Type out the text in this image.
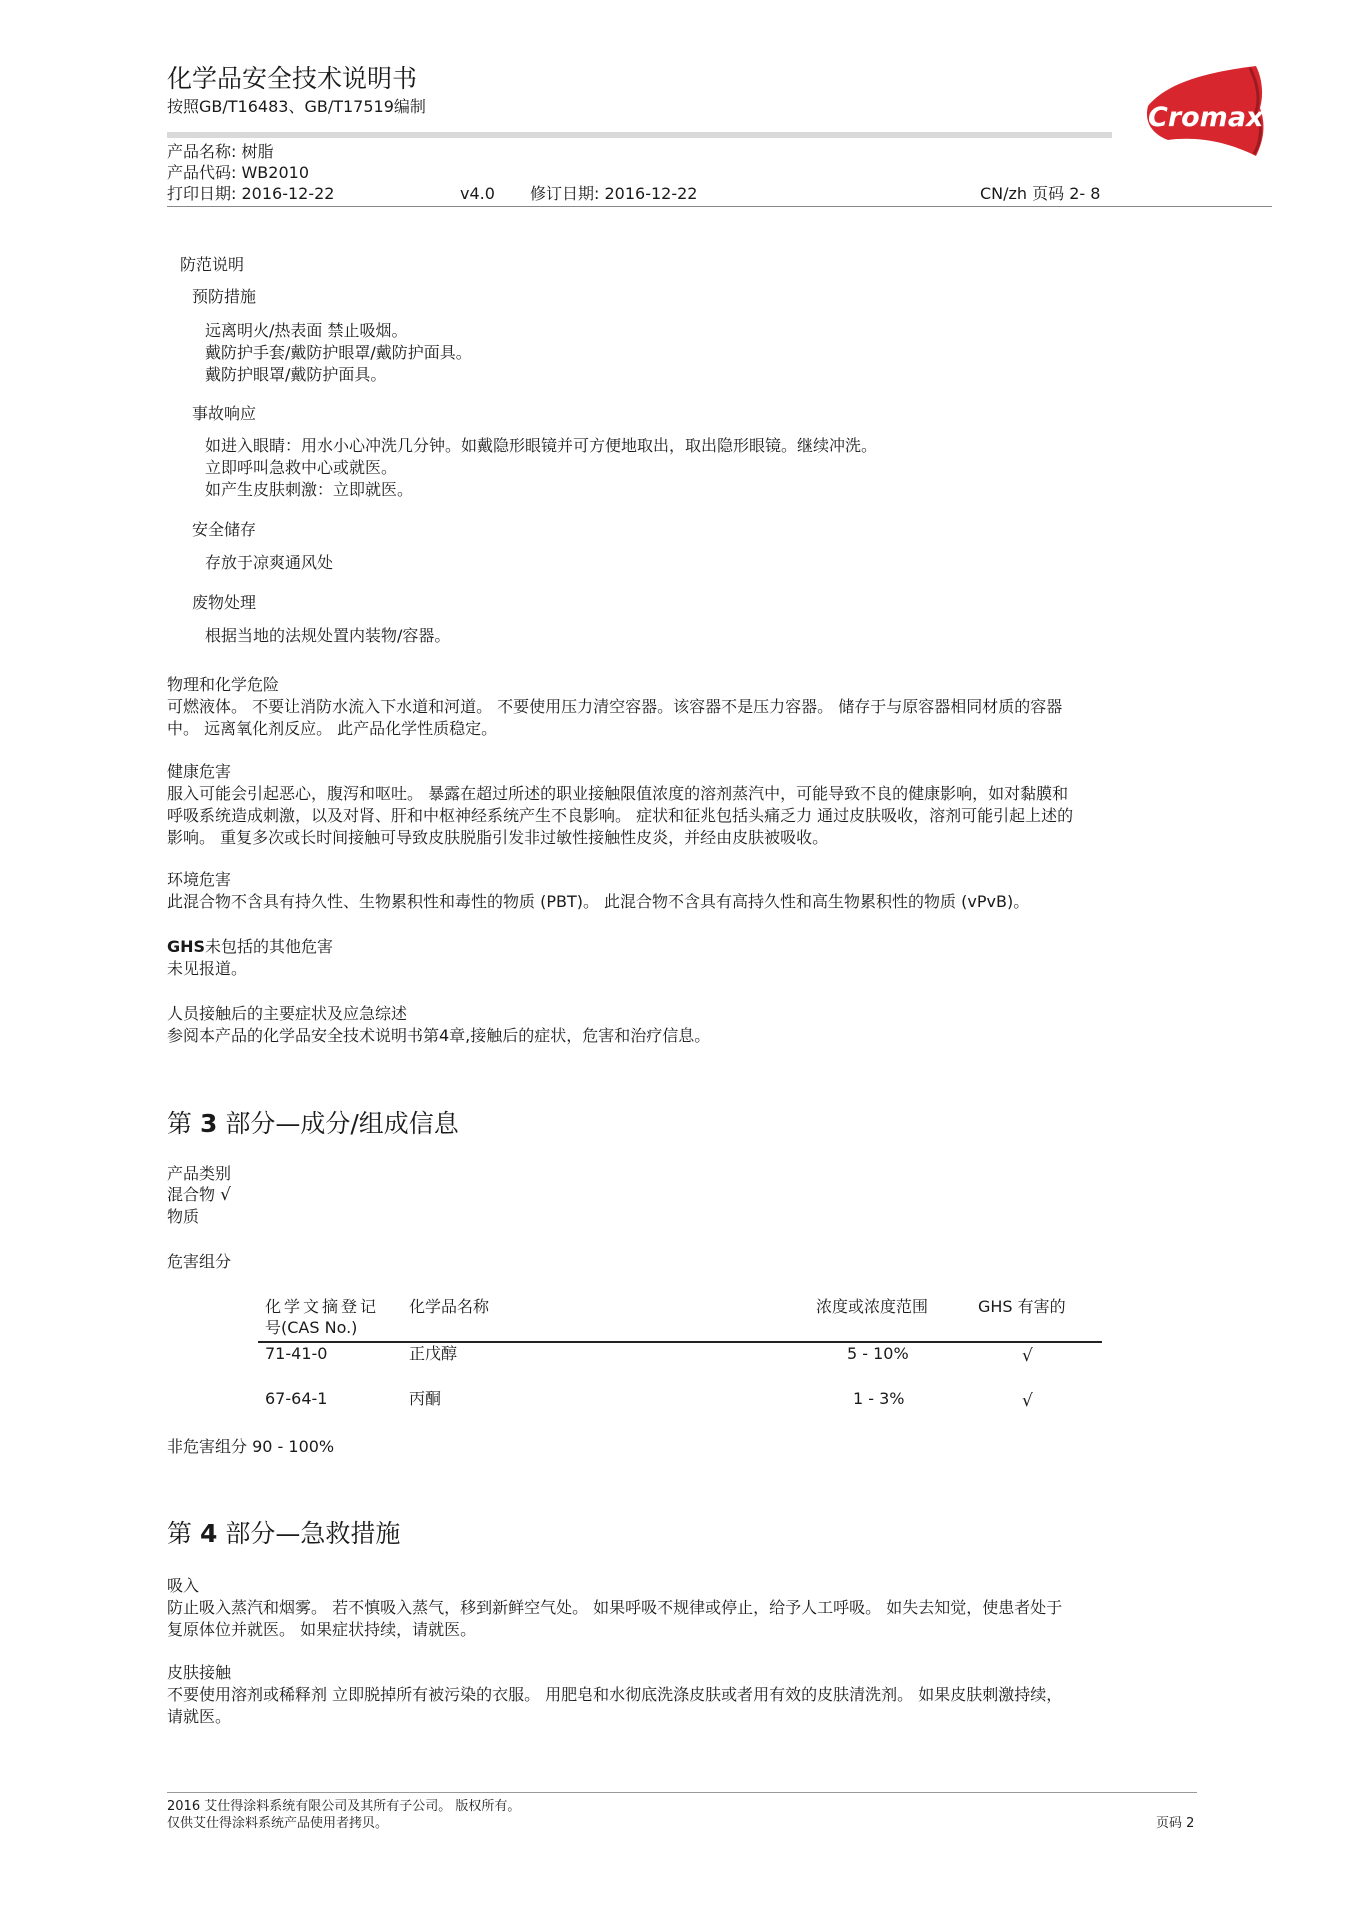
化学品安全技术说明书
按照GB/T16483、GB/T17519编制	Cromax
产品名称: 树脂
产品代码: WB2010
打印日期: 2016-12-22	v4.0 修订日期: 2016-12-22	CN/zh 页码 2- 8
防范说明
预防措施

远离明火/热表面 禁止吸烟。

戴防护手套/戴防护眼罩/戴防护面具。

戴防护眼罩/戴防护面具。

事故响应

如进入眼睛：用水小心冲洗几分钟。如戴隐形眼镜并可方便地取出，取出隐形眼镜。继续冲洗。

立即呼叫急救中心或就医。

如产生皮肤刺激：立即就医。

安全储存

存放于凉爽通风处

废物处理

根据当地的法规处置内装物/容器。

物理和化学危险

可燃液体。 不要让消防水流入下水道和河道。 不要使用压力清空容器。该容器不是压力容器。 储存于与原容器相同材质的容器

中。 远离氧化剂反应。 此产品化学性质稳定。

健康危害

服入可能会引起恶心，腹泻和呕吐。 暴露在超过所述的职业接触限值浓度的溶剂蒸汽中，可能导致不良的健康影响，如对黏膜和

呼吸系统造成刺激，以及对肾、肝和中枢神经系统产生不良影响。 症状和征兆包括头痛乏力 通过皮肤吸收，溶剂可能引起上述的

影响。 重复多次或长时间接触可导致皮肤脱脂引发非过敏性接触性皮炎，并经由皮肤被吸收。

环境危害

此混合物不含具有持久性、生物累积性和毒性的物质 (PBT)。 此混合物不含具有高持久性和高生物累积性的物质 (vPvB)。

GHS未包括的其他危害

未见报道。

人员接触后的主要症状及应急综述

参阅本产品的化学品安全技术说明书第4章,接触后的症状，危害和治疗信息。

第 3 部分—成分/组成信息
产品类别
混合物 √
物质
危害组分
化学文摘登记
号(CAS No.)
化学品名称	浓度或浓度范围	GHS 有害的
71-41-0	正戊醇	5 - 10%	√
67-64-1	丙酮	1 - 3%	√
非危害组分 90 - 100%
第 4 部分—急救措施
吸入

防止吸入蒸汽和烟雾。 若不慎吸入蒸气，移到新鲜空气处。 如果呼吸不规律或停止，给予人工呼吸。 如失去知觉，使患者处于

复原体位并就医。 如果症状持续，请就医。

皮肤接触

不要使用溶剂或稀释剂 立即脱掉所有被污染的衣服。 用肥皂和水彻底洗涤皮肤或者用有效的皮肤清洗剂。 如果皮肤刺激持续，

请就医。

2016 艾仕得涂料系统有限公司及其所有子公司。 版权所有。
仅供艾仕得涂料系统产品使用者拷贝。	页码 2
